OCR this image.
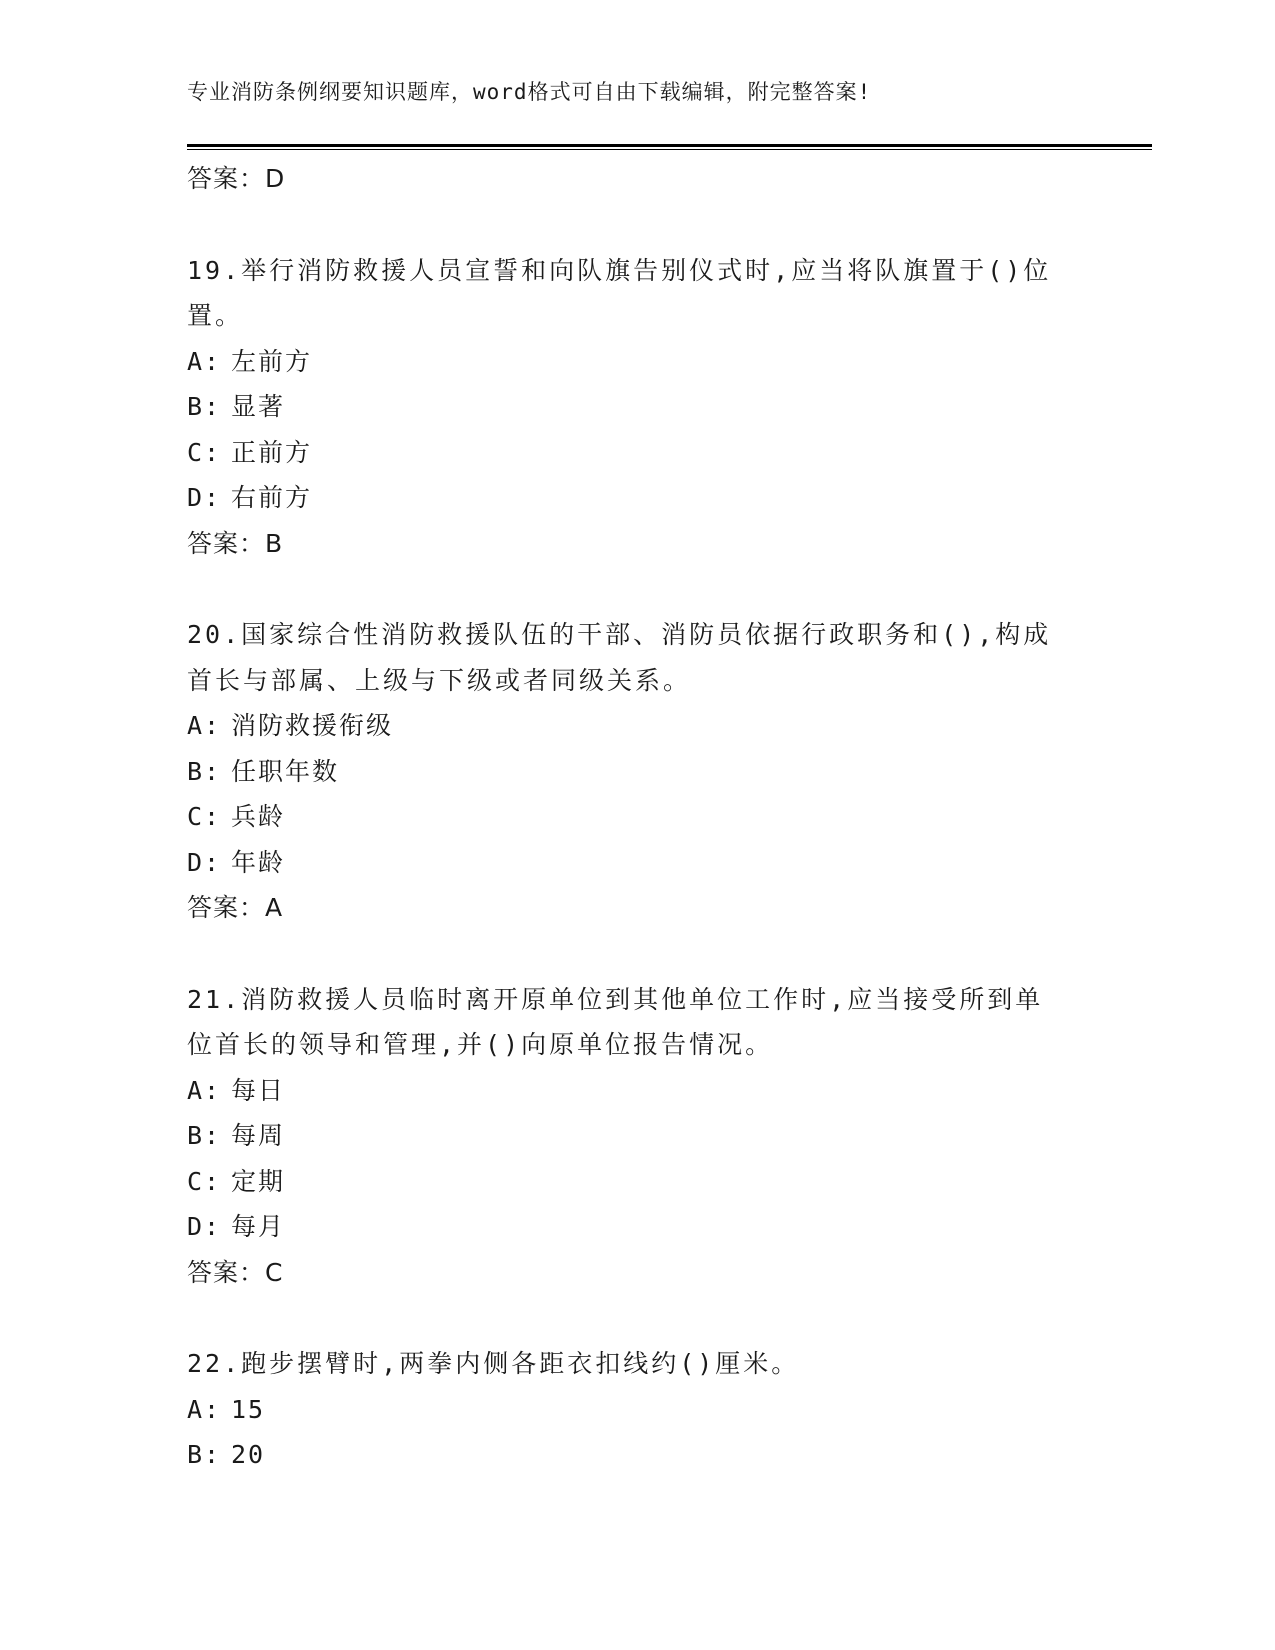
专业消防条例纲要知识题库，word格式可自由下载编辑，附完整答案!
答案：D
19.举行消防救援人员宣誓和向队旗告别仪式时,应当将队旗置于()位置。
A: 左前方
B: 显著
C: 正前方
D: 右前方
答案：B
20.国家综合性消防救援队伍的干部、消防员依据行政职务和(),构成首长与部属、上级与下级或者同级关系。
A: 消防救援衔级
B: 任职年数
C: 兵龄
D: 年龄
答案：A
21.消防救援人员临时离开原单位到其他单位工作时,应当接受所到单位首长的领导和管理,并()向原单位报告情况。
A: 每日
B: 每周
C: 定期
D: 每月
答案：C
22.跑步摆臂时,两拳内侧各距衣扣线约()厘米。
A: 15
B: 20
